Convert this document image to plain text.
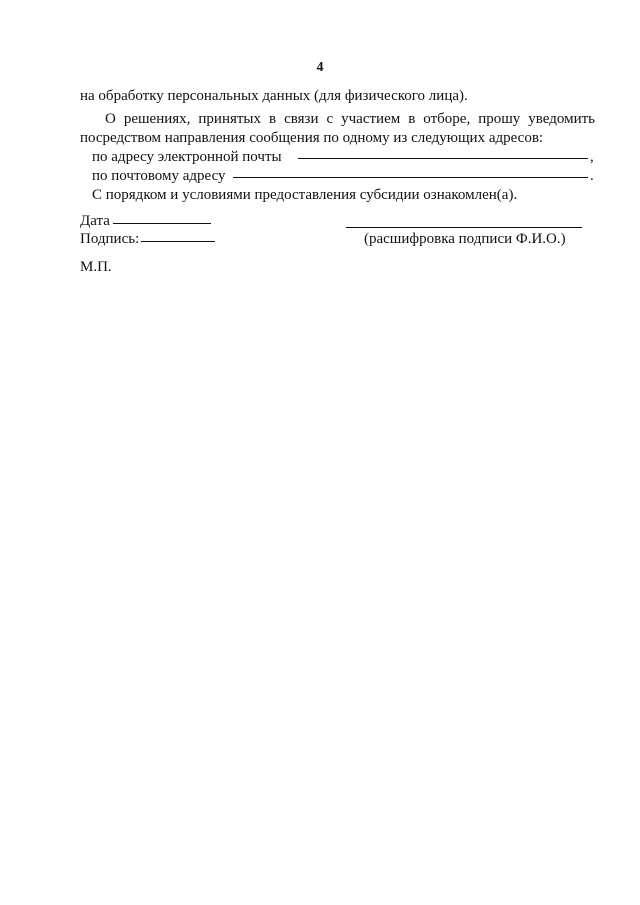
4

на обработку персональных данных (для физического лица).

О решениях, принятых в связи с участием в отборе, прошу уведомить

посредством направления сообщения по одному из следующих адресов:

по адресу электронной почты	,
по почтовому адресу	.

С порядком и условиями предоставления субсидии ознакомлен(а).

Дата
Подпись:	(расшифровка подписи Ф.И.О.)
М.П.
